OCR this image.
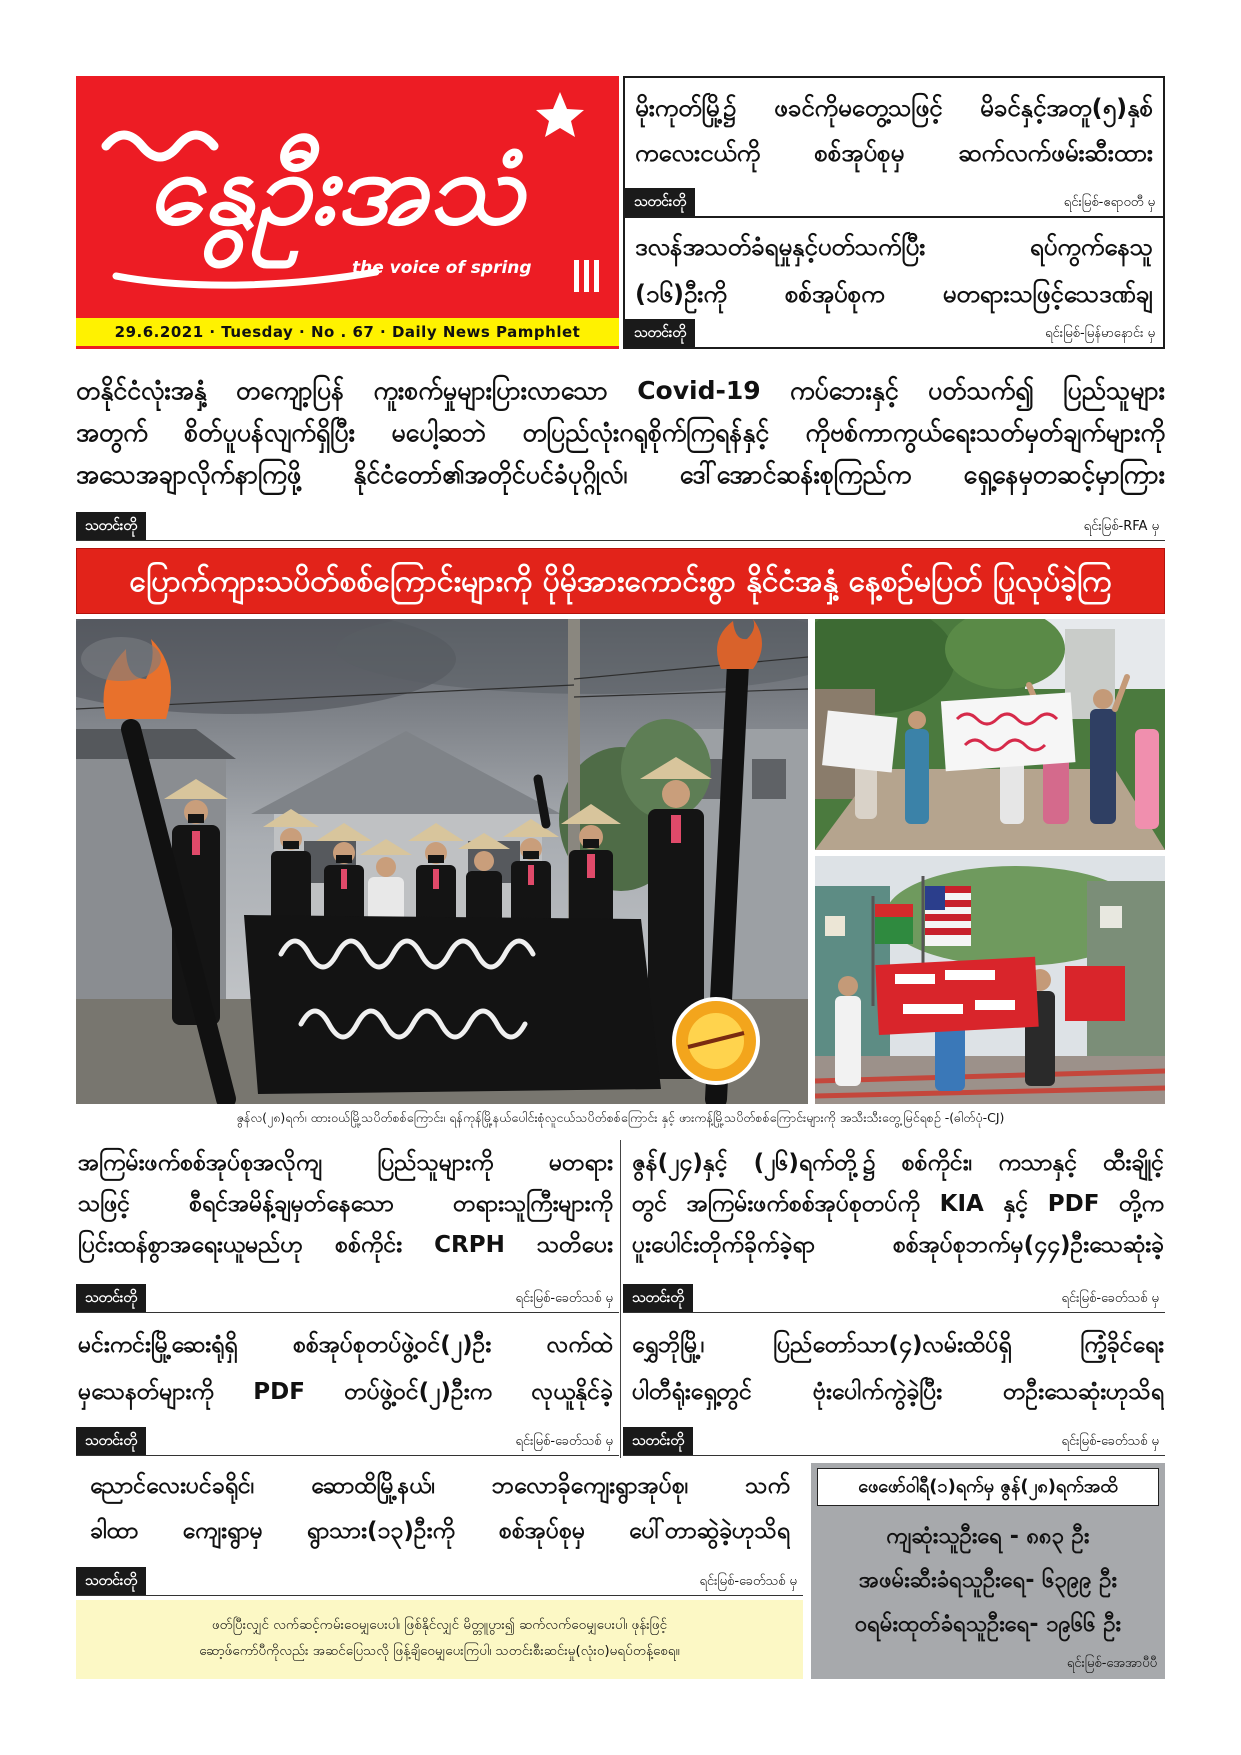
နွေဦးအသံ
the voice of spring
29.6.2021 · Tuesday · No . 67 · Daily News Pamphlet
မိုးကုတ်မြို့၌ ဖခင်ကိုမတွေ့သဖြင့် မိခင်နှင့်အတူ(၅)နှစ်
ကလေးငယ်ကို စစ်အုပ်စုမှ ဆက်လက်ဖမ်းဆီးထား
သတင်းတို	ရင်းမြစ်-ဧရာဝတီ မှ
ဒလန်အသတ်ခံရမှုနှင့်ပတ်သက်ပြီး ရပ်ကွက်နေသူ
(၁၆)ဦးကို စစ်အုပ်စုက မတရားသဖြင့်သေဒဏ်ချ
သတင်းတို	ရင်းမြစ်-မြန်မာနောင်း မှ
တနိုင်ငံလုံးအနှံ့ တကျော့ပြန် ကူးစက်မှုများပြားလာသော Covid-19 ကပ်ဘေးနှင့် ပတ်သက်၍ ပြည်သူများ
အတွက် စိတ်ပူပန်လျက်ရှိပြီး မပေါ့ဆဘဲ တပြည်လုံးဂရုစိုက်ကြရန်နှင့် ကိုဗစ်ကာကွယ်ရေးသတ်မှတ်ချက်များကို
အသေအချာလိုက်နာကြဖို့ နိုင်ငံတော်၏အတိုင်ပင်ခံပုဂ္ဂိုလ်၊ ဒေါ်အောင်ဆန်းစုကြည်က ရှေ့နေမှတဆင့်မှာကြား
သတင်းတို	ရင်းမြစ်-RFA မှ
ပြောက်ကျားသပိတ်စစ်ကြောင်းများကို ပိုမိုအားကောင်းစွာ နိုင်ငံအနှံ့ နေ့စဉ်မပြတ် ပြုလုပ်ခဲ့ကြ
ဇွန်လ(၂၈)ရက်၊ ထားဝယ်မြို့သပိတ်စစ်ကြောင်း၊ ရန်ကုန်မြို့နယ်ပေါင်းစုံလူငယ်သပိတ်စစ်ကြောင်း နှင့် ဖားကန့်မြို့သပိတ်စစ်ကြောင်းများကို အသီးသီးတွေ့မြင်ရစဉ် -(ဓါတ်ပုံ-CJ)
အကြမ်းဖက်စစ်အုပ်စုအလိုကျ ပြည်သူများကို မတရား
သဖြင့် စီရင်အမိန့်ချမှတ်နေသော တရားသူကြီးများကို
ပြင်းထန်စွာအရေးယူမည်ဟု စစ်ကိုင်း CRPH သတိပေး
ဇွန်(၂၄)နှင့် (၂၆)ရက်တို့၌ စစ်ကိုင်း၊ ကသာနှင့် ထီးချိုင့်
တွင် အကြမ်းဖက်စစ်အုပ်စုတပ်ကို KIA နှင့် PDF တို့က
ပူးပေါင်းတိုက်ခိုက်ခဲ့ရာ စစ်အုပ်စုဘက်မှ(၄၄)ဦးသေဆုံးခဲ့
သတင်းတို	ရင်းမြစ်-ခေတ်သစ် မှ	သတင်းတို	ရင်းမြစ်-ခေတ်သစ် မှ
မင်းကင်းမြို့ဆေးရုံရှိ စစ်အုပ်စုတပ်ဖွဲ့ဝင်(၂)ဦး လက်ထဲ
မှသေနတ်များကို PDF တပ်ဖွဲ့ဝင်(၂)ဦးက လုယူနိုင်ခဲ့
ရွှေဘိုမြို့၊ ပြည်တော်သာ(၄)လမ်းထိပ်ရှိ ကြံ့ခိုင်ရေး
ပါတီရုံးရှေ့တွင် ဗုံးပေါက်ကွဲခဲ့ပြီး တဦးသေဆုံးဟုသိရ
သတင်းတို	ရင်းမြစ်-ခေတ်သစ် မှ	သတင်းတို	ရင်းမြစ်-ခေတ်သစ် မှ
ညောင်လေးပင်ခရိုင်၊ ဆောထိမြို့နယ်၊ ဘလောခိုကျေးရွာအုပ်စု၊ သက်
ခါထာ ကျေးရွာမှ ရွာသား(၁၃)ဦးကို စစ်အုပ်စုမှ ပေါ်တာဆွဲခဲ့ဟုသိရ
သတင်းတို	ရင်းမြစ်-ခေတ်သစ် မှ
ဖတ်ပြီးလျှင် လက်ဆင့်ကမ်းဝေမျှပေးပါ၊ ဖြစ်နိုင်လျှင် မိတ္တူပွား၍ ဆက်လက်ဝေမျှပေးပါ၊ ဖုန်းဖြင့်
ဆော့ဖ်ကော်ပီကိုလည်း အဆင်ပြေသလို ဖြန့်ချိဝေမျှပေးကြပါ၊ သတင်းစီးဆင်းမှု(လုံးဝ)မရပ်တန့်စေရ။
ဖေဖော်ဝါရီ(၁)ရက်မှ ဇွန်(၂၈)ရက်အထိ
ကျဆုံးသူဦးရေ - ၈၈၃ ဦး
အဖမ်းဆီးခံရသူဦးရေ- ၆၃၉၉ ဦး
ဝရမ်းထုတ်ခံရသူဦးရေ- ၁၉၆၆ ဦး
ရင်းမြစ်-အေအာပီပီ
